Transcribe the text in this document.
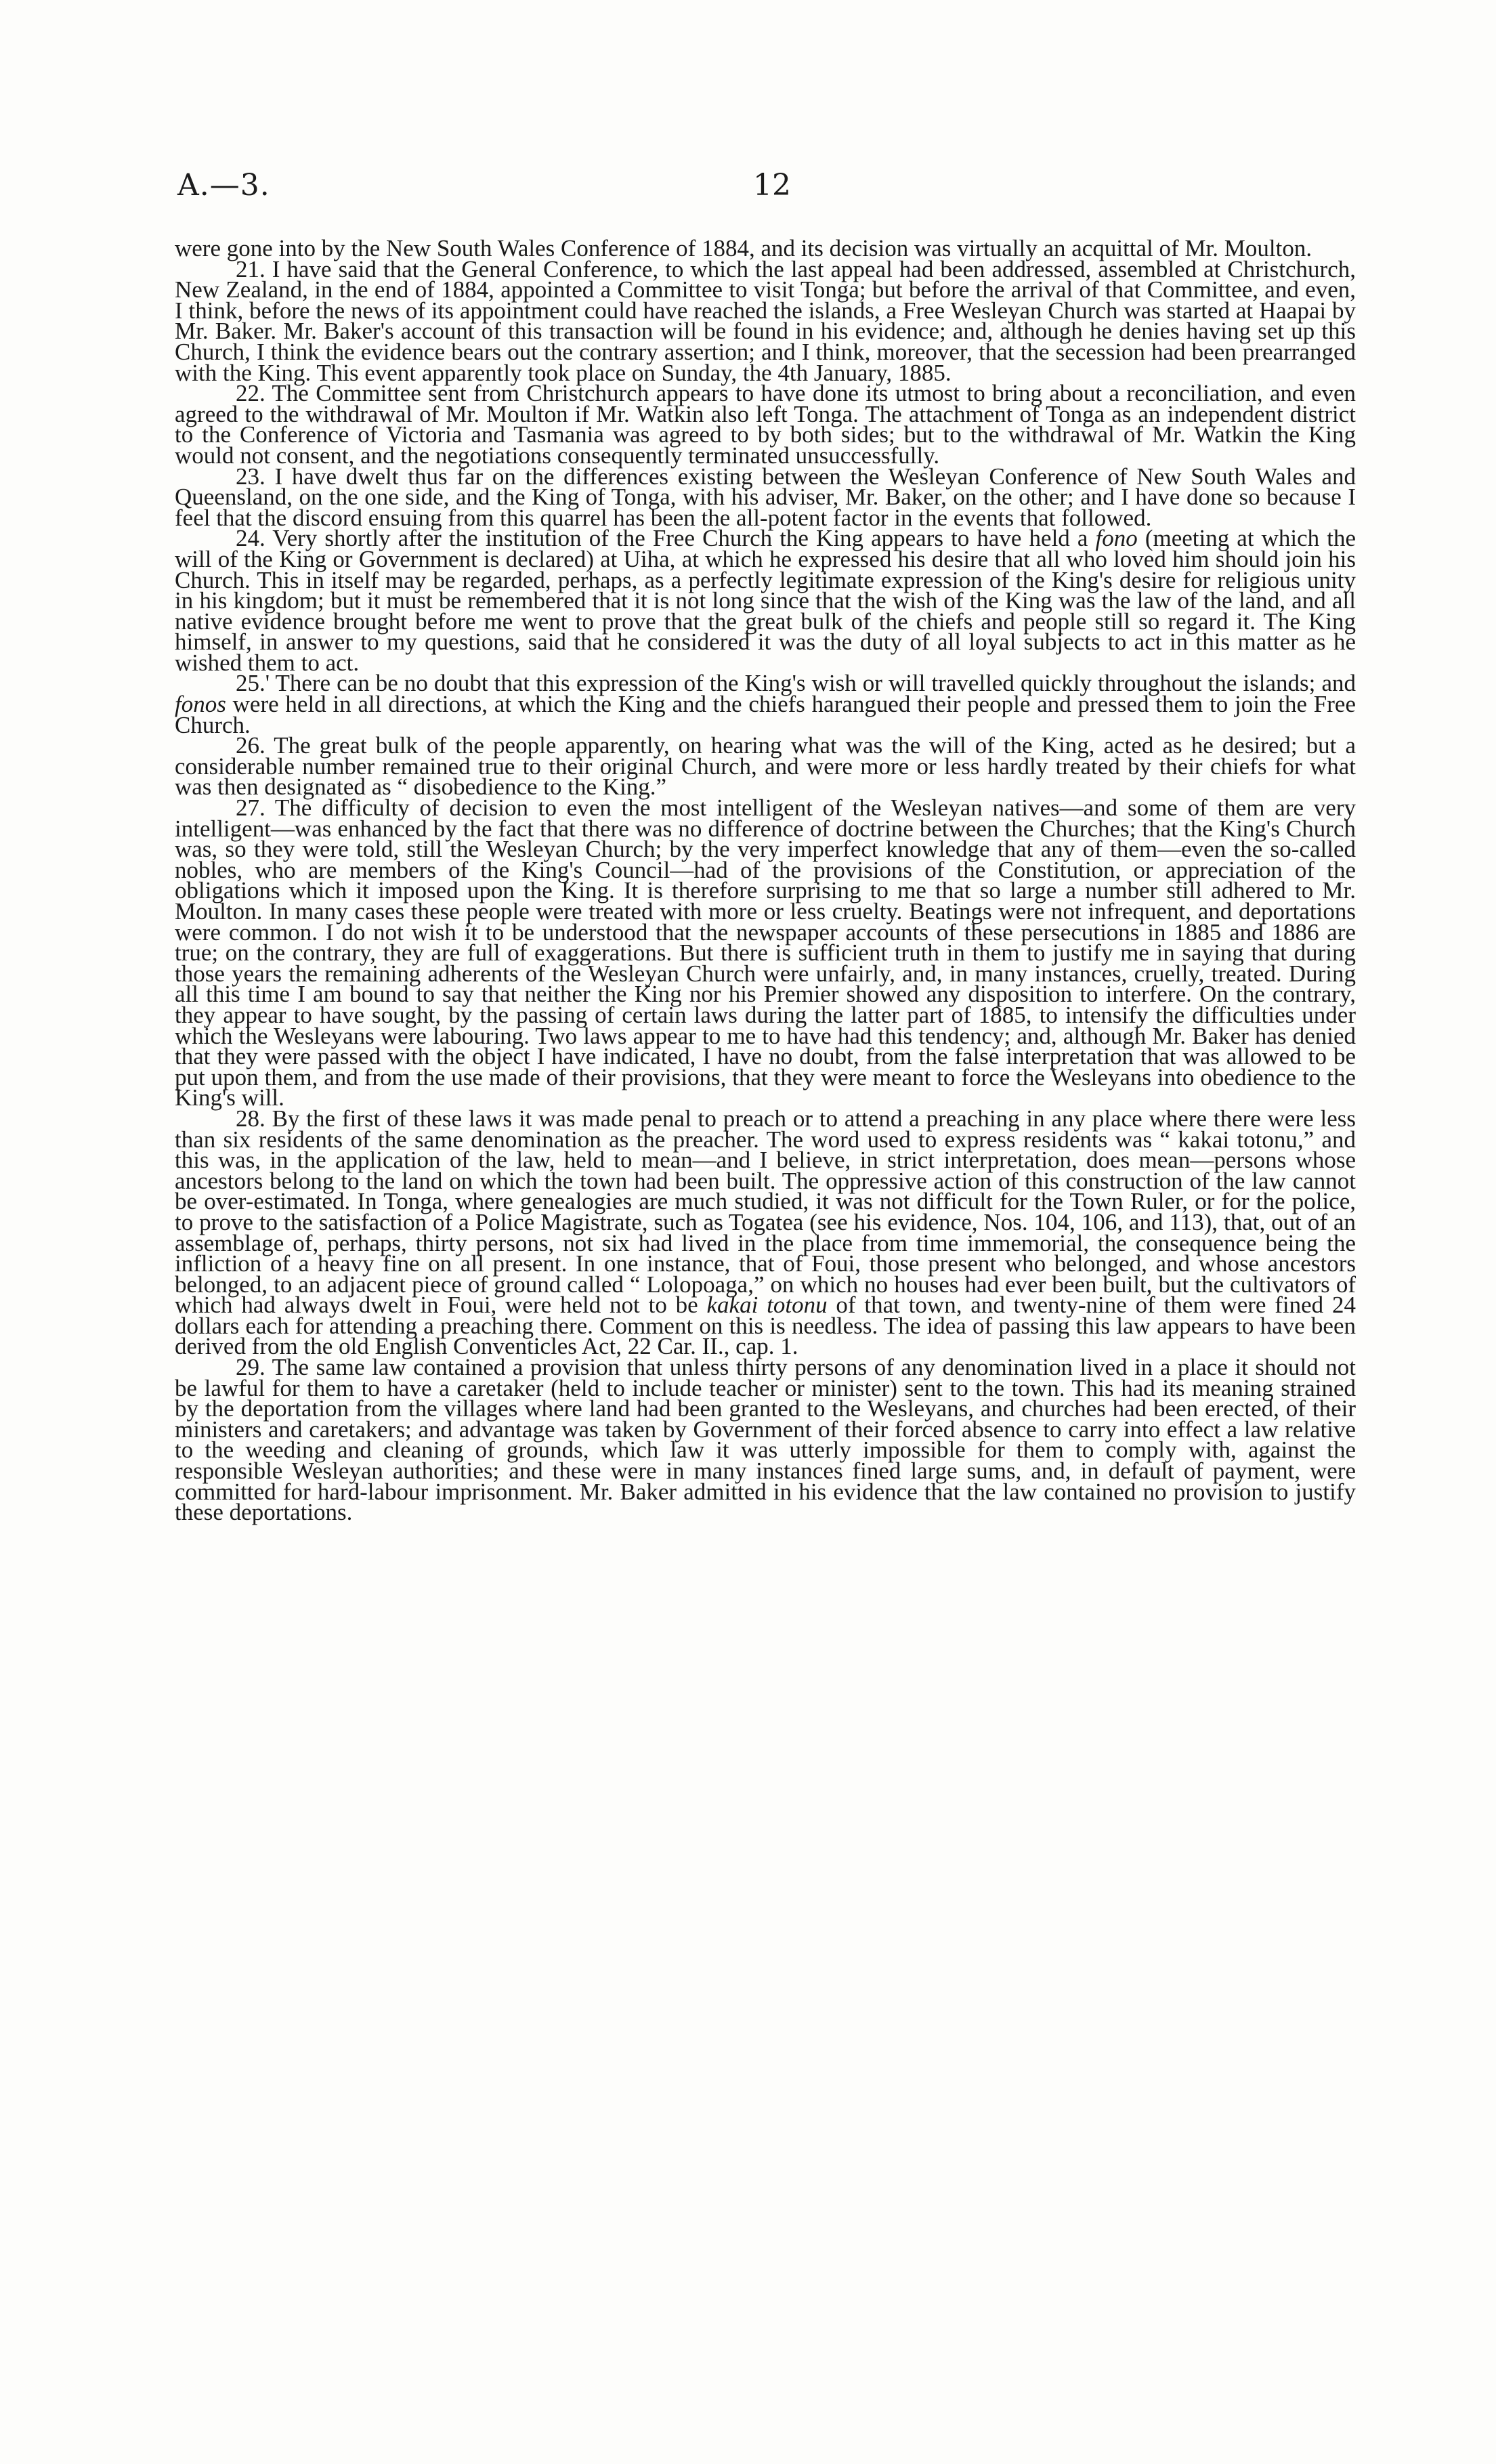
A.—3.	12

were gone into by the New South Wales Conference of 1884, and its decision was virtually an acquittal of Mr. Moulton.

21. I have said that the General Conference, to which the last appeal had been addressed, assembled at Christchurch, New Zealand, in the end of 1884, appointed a Committee to visit Tonga; but before the arrival of that Committee, and even, I think, before the news of its appointment could have reached the islands, a Free Wesleyan Church was started at Haapai by Mr. Baker. Mr. Baker's account of this transaction will be found in his evidence; and, although he denies having set up this Church, I think the evidence bears out the contrary assertion; and I think, moreover, that the secession had been prearranged with the King. This event apparently took place on Sunday, the 4th January, 1885.

22. The Committee sent from Christchurch appears to have done its utmost to bring about a reconciliation, and even agreed to the withdrawal of Mr. Moulton if Mr. Watkin also left Tonga. The attachment of Tonga as an independent district to the Conference of Victoria and Tasmania was agreed to by both sides; but to the withdrawal of Mr. Watkin the King would not consent, and the negotiations consequently terminated unsuccessfully.

23. I have dwelt thus far on the differences existing between the Wesleyan Conference of New South Wales and Queensland, on the one side, and the King of Tonga, with his adviser, Mr. Baker, on the other; and I have done so because I feel that the discord ensuing from this quarrel has been the all-potent factor in the events that followed.

24. Very shortly after the institution of the Free Church the King appears to have held a fono (meeting at which the will of the King or Government is declared) at Uiha, at which he expressed his desire that all who loved him should join his Church. This in itself may be regarded, perhaps, as a perfectly legitimate expression of the King's desire for religious unity in his kingdom; but it must be remembered that it is not long since that the wish of the King was the law of the land, and all native evidence brought before me went to prove that the great bulk of the chiefs and people still so regard it. The King himself, in answer to my questions, said that he considered it was the duty of all loyal subjects to act in this matter as he wished them to act.

25.' There can be no doubt that this expression of the King's wish or will travelled quickly throughout the islands; and fonos were held in all directions, at which the King and the chiefs harangued their people and pressed them to join the Free Church.

26. The great bulk of the people apparently, on hearing what was the will of the King, acted as he desired; but a considerable number remained true to their original Church, and were more or less hardly treated by their chiefs for what was then designated as “ disobedience to the King.”

27. The difficulty of decision to even the most intelligent of the Wesleyan natives—and some of them are very intelligent—was enhanced by the fact that there was no difference of doctrine between the Churches; that the King's Church was, so they were told, still the Wesleyan Church; by the very imperfect knowledge that any of them—even the so-called nobles, who are members of the King's Council—had of the provisions of the Constitution, or appreciation of the obligations which it imposed upon the King. It is therefore surprising to me that so large a number still adhered to Mr. Moulton. In many cases these people were treated with more or less cruelty. Beatings were not infrequent, and deportations were common. I do not wish it to be understood that the newspaper accounts of these persecutions in 1885 and 1886 are true; on the contrary, they are full of exaggerations. But there is sufficient truth in them to justify me in saying that during those years the remaining adherents of the Wesleyan Church were unfairly, and, in many instances, cruelly, treated. During all this time I am bound to say that neither the King nor his Premier showed any disposition to interfere. On the contrary, they appear to have sought, by the passing of certain laws during the latter part of 1885, to intensify the difficulties under which the Wesleyans were labouring. Two laws appear to me to have had this tendency; and, although Mr. Baker has denied that they were passed with the object I have indicated, I have no doubt, from the false interpretation that was allowed to be put upon them, and from the use made of their provisions, that they were meant to force the Wesleyans into obedience to the King's will.

28. By the first of these laws it was made penal to preach or to attend a preaching in any place where there were less than six residents of the same denomination as the preacher. The word used to express residents was “ kakai totonu,” and this was, in the application of the law, held to mean—and I believe, in strict interpretation, does mean—persons whose ancestors belong to the land on which the town had been built. The oppressive action of this construction of the law cannot be over-estimated. In Tonga, where genealogies are much studied, it was not difficult for the Town Ruler, or for the police, to prove to the satisfaction of a Police Magistrate, such as Togatea (see his evidence, Nos. 104, 106, and 113), that, out of an assemblage of, perhaps, thirty persons, not six had lived in the place from time immemorial, the consequence being the infliction of a heavy fine on all present. In one instance, that of Foui, those present who belonged, and whose ancestors belonged, to an adjacent piece of ground called “ Lolopoaga,” on which no houses had ever been built, but the cultivators of which had always dwelt in Foui, were held not to be kakai totonu of that town, and twenty-nine of them were fined 24 dollars each for attending a preaching there. Comment on this is needless. The idea of passing this law appears to have been derived from the old English Conventicles Act, 22 Car. II., cap. 1.

29. The same law contained a provision that unless thirty persons of any denomination lived in a place it should not be lawful for them to have a caretaker (held to include teacher or minister) sent to the town. This had its meaning strained by the deportation from the villages where land had been granted to the Wesleyans, and churches had been erected, of their ministers and caretakers; and advantage was taken by Government of their forced absence to carry into effect a law relative to the weeding and cleaning of grounds, which law it was utterly impossible for them to comply with, against the responsible Wesleyan authorities; and these were in many instances fined large sums, and, in default of payment, were committed for hard-labour imprisonment. Mr. Baker admitted in his evidence that the law contained no provision to justify these deportations.
